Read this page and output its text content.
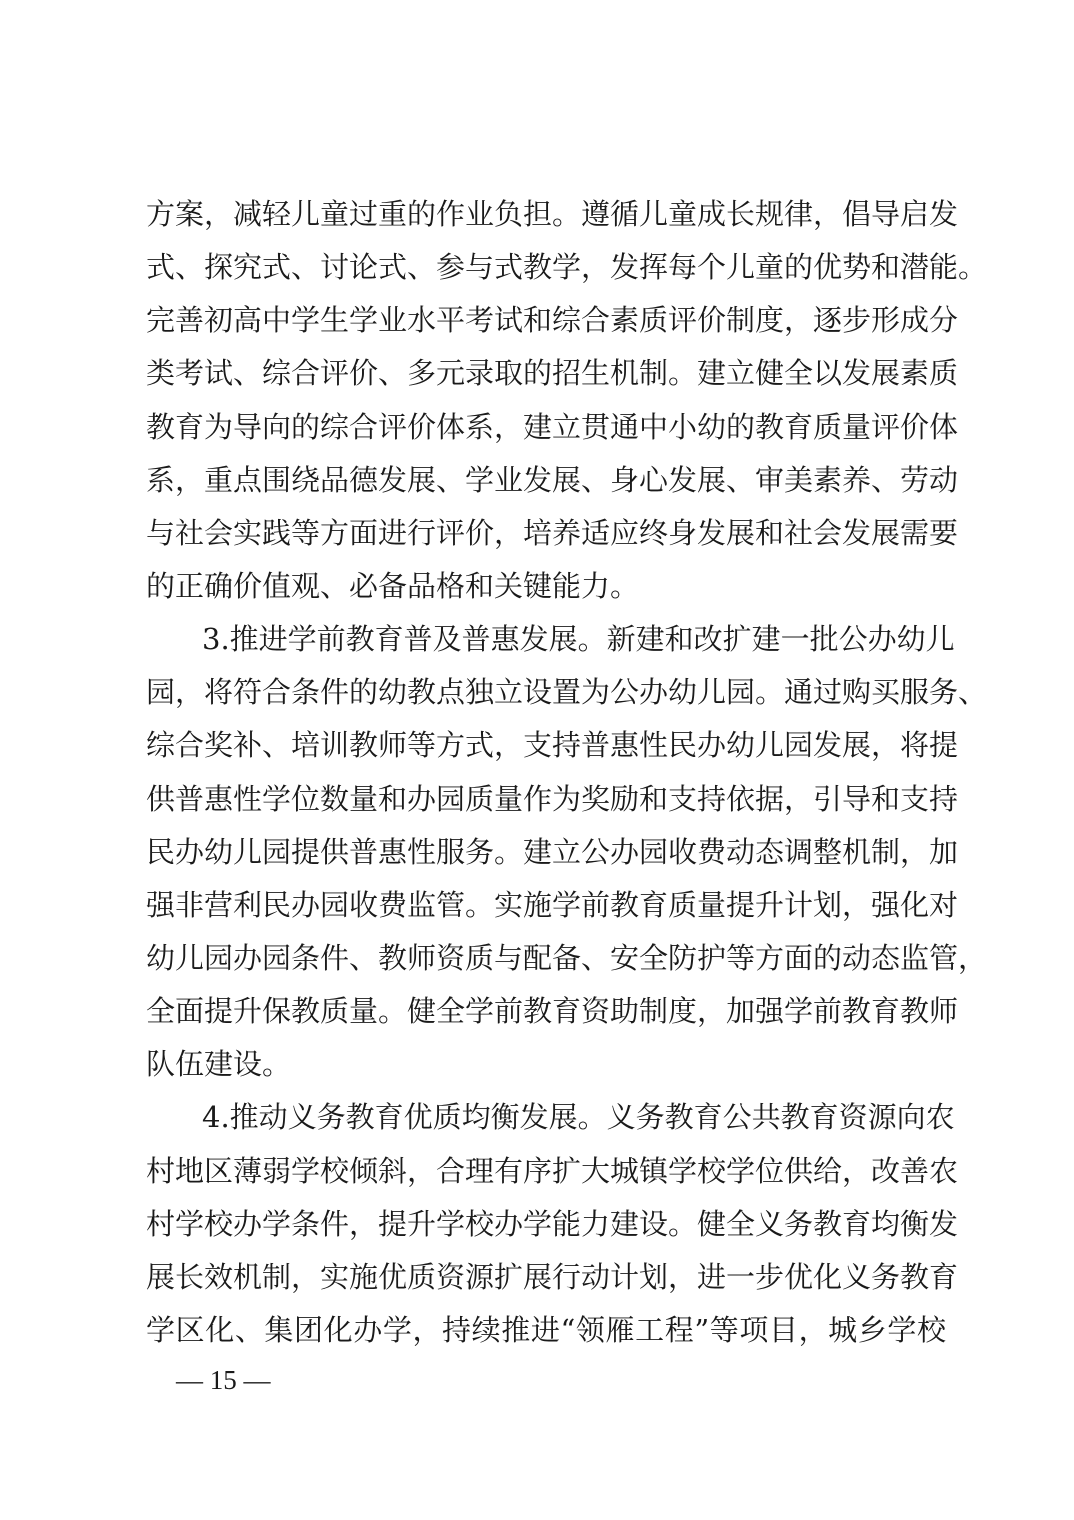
方案，减轻儿童过重的作业负担。遵循儿童成长规律，倡导启发
式、探究式、讨论式、参与式教学，发挥每个儿童的优势和潜能。
完善初高中学生学业水平考试和综合素质评价制度，逐步形成分
类考试、综合评价、多元录取的招生机制。建立健全以发展素质
教育为导向的综合评价体系，建立贯通中小幼的教育质量评价体
系，重点围绕品德发展、学业发展、身心发展、审美素养、劳动
与社会实践等方面进行评价，培养适应终身发展和社会发展需要
的正确价值观、必备品格和关键能力。
3.推进学前教育普及普惠发展。新建和改扩建一批公办幼儿
园，将符合条件的幼教点独立设置为公办幼儿园。通过购买服务、
综合奖补、培训教师等方式，支持普惠性民办幼儿园发展，将提
供普惠性学位数量和办园质量作为奖励和支持依据，引导和支持
民办幼儿园提供普惠性服务。建立公办园收费动态调整机制，加
强非营利民办园收费监管。实施学前教育质量提升计划，强化对
幼儿园办园条件、教师资质与配备、安全防护等方面的动态监管，
全面提升保教质量。健全学前教育资助制度，加强学前教育教师
队伍建设。
4.推动义务教育优质均衡发展。义务教育公共教育资源向农
村地区薄弱学校倾斜，合理有序扩大城镇学校学位供给，改善农
村学校办学条件，提升学校办学能力建设。健全义务教育均衡发
展长效机制，实施优质资源扩展行动计划，进一步优化义务教育
— 15 —
学区化、集团化办学，持续推进“领雁工程”等项目，城乡学校
